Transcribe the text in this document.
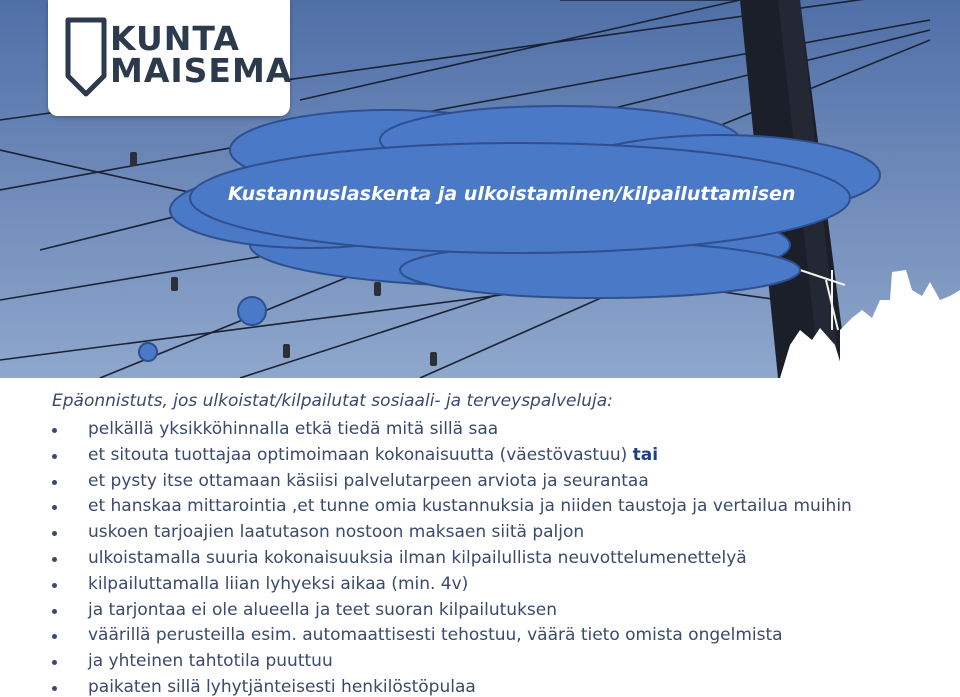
KUNTA
MAISEMA
Kustannuslaskenta ja ulkoistaminen/kilpailuttamisen
Epäonnistuts, jos ulkoistat/kilpailutat sosiaali- ja terveyspalveluja:
pelkällä yksikköhinnalla etkä tiedä mitä sillä saa
et sitouta tuottajaa optimoimaan kokonaisuutta (väestövastuu) tai
et pysty itse ottamaan käsiisi palvelutarpeen arviota ja seurantaa
et hanskaa mittarointia ,et tunne omia kustannuksia ja niiden taustoja ja vertailua muihin
uskoen tarjoajien laatutason nostoon maksaen siitä paljon
ulkoistamalla suuria kokonaisuuksia ilman kilpailullista neuvottelumenettelyä
kilpailuttamalla liian lyhyeksi aikaa (min. 4v)
ja tarjontaa ei ole alueella ja teet suoran kilpailutuksen
väärillä perusteilla esim. automaattisesti tehostuu, väärä tieto omista ongelmista
ja yhteinen tahtotila puuttuu
paikaten sillä lyhytjänteisesti henkilöstöpulaa
